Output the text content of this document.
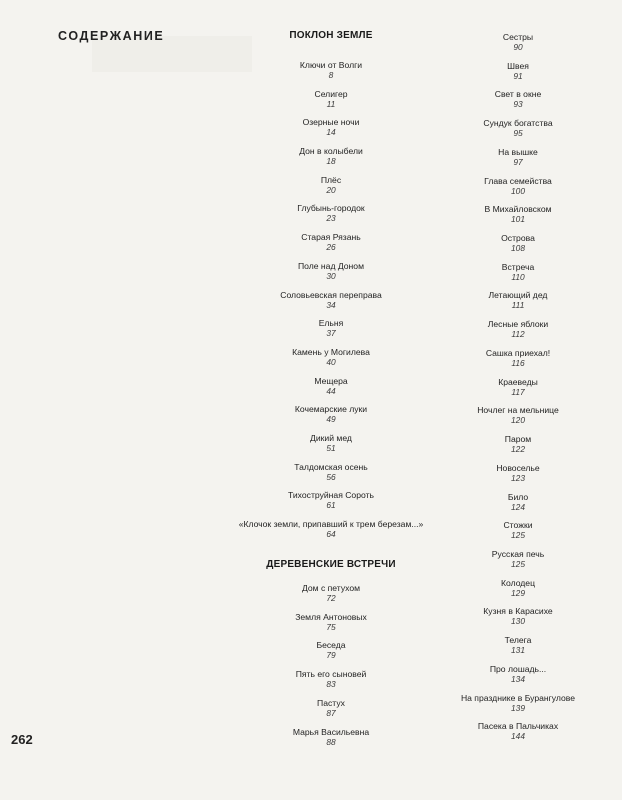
СОДЕРЖАНИЕ	ПОКЛОН ЗЕМЛЕ
ДЕРЕВЕНСКИЕ ВСТРЕЧИ
Ключи от Волги
8
Селигер
11
Озерные ночи
14
Дон в колыбели
18
Плёс
20
Глубынь-городок
23
Старая Рязань
26
Поле над Доном
30
Соловьевская переправа
34
Ельня
37
Камень у Могилева
40
Мещера
44
Кочемарские луки
49
Дикий мед
51
Талдомская осень
56
Тихоструйная Сороть
61
«Клочок земли, припавший к трем березам...»
64
Дом с петухом
72
Земля Антоновых
75
Беседа
79
Пять его сыновей
83
Пастух
87
Марья Васильевна
88
Сестры
90
Швея
91
Свет в окне
93
Сундук богатства
95
На вышке
97
Глава семейства
100
В Михайловском
101
Острова
108
Встреча
110
Летающий дед
111
Лесные яблоки
112
Сашка приехал!
116
Краеведы
117
Ночлег на мельнице
120
Паром
122
Новоселье
123
Било
124
Стожки
125
Русская печь
125
Колодец
129
Кузня в Карасихе
130
Телега
131
Про лошадь...
134
На празднике в Бурангулове
139
Пасека в Пальчиках
144
262
